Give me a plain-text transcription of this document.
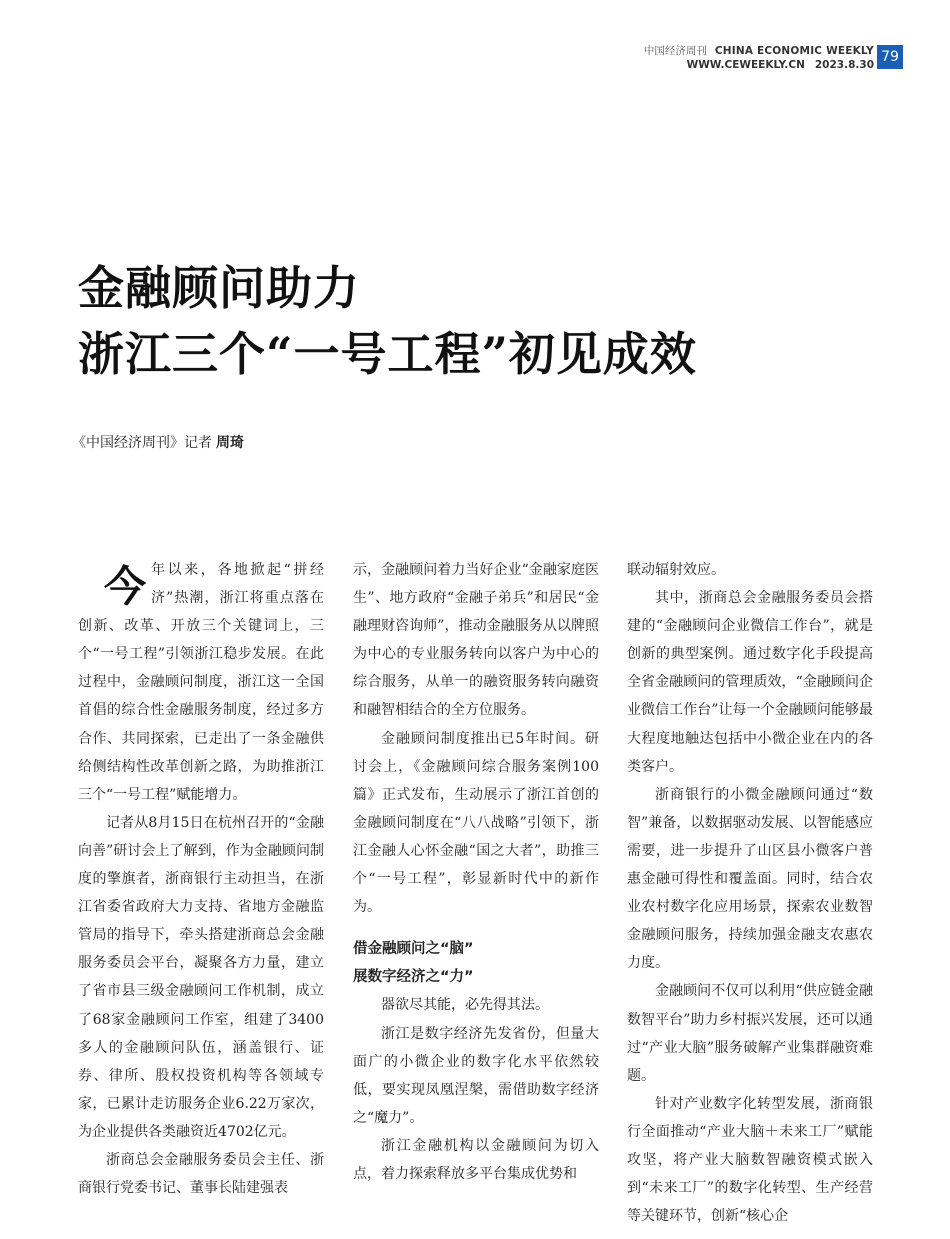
中国经济周刊 CHINA ECONOMIC WEEKLY
WWW.CEWEEKLY.CN 2023.8.30 79
金融顾问助力
浙江三个“一号工程”初见成效
《中国经济周刊》记者 周琦

今年以来，各地掀起“拼经济”热潮，浙江将重点落在创新、改革、开放三个关键词上，三个“一号工程”引领浙江稳步发展。在此过程中，金融顾问制度，浙江这一全国首倡的综合性金融服务制度，经过多方合作、共同探索，已走出了一条金融供给侧结构性改革创新之路，为助推浙江三个“一号工程”赋能增力。

记者从8月15日在杭州召开的“金融向善”研讨会上了解到，作为金融顾问制度的擎旗者，浙商银行主动担当，在浙江省委省政府大力支持、省地方金融监管局的指导下，牵头搭建浙商总会金融服务委员会平台，凝聚各方力量，建立了省市县三级金融顾问工作机制，成立了68家金融顾问工作室，组建了3400多人的金融顾问队伍，涵盖银行、证券、律所、股权投资机构等各领域专家，已累计走访服务企业6.22万家次，为企业提供各类融资近4702亿元。

浙商总会金融服务委员会主任、浙商银行党委书记、董事长陆建强表

示，金融顾问着力当好企业“金融家庭医生”、地方政府“金融子弟兵”和居民“金融理财咨询师”，推动金融服务从以牌照为中心的专业服务转向以客户为中心的综合服务，从单一的融资服务转向融资和融智相结合的全方位服务。

金融顾问制度推出已5年时间。研讨会上，《金融顾问综合服务案例100篇》正式发布，生动展示了浙江首创的金融顾问制度在“八八战略”引领下，浙江金融人心怀金融“国之大者”，助推三个“一号工程”，彰显新时代中的新作为。

借金融顾问之“脑”
展数字经济之“力”

器欲尽其能，必先得其法。

浙江是数字经济先发省份，但量大面广的小微企业的数字化水平依然较低，要实现凤凰涅槃，需借助数字经济之“魔力”。

浙江金融机构以金融顾问为切入点，着力探索释放多平台集成优势和

联动辐射效应。

其中，浙商总会金融服务委员会搭建的“金融顾问企业微信工作台”，就是创新的典型案例。通过数字化手段提高全省金融顾问的管理质效，“金融顾问企业微信工作台”让每一个金融顾问能够最大程度地触达包括中小微企业在内的各类客户。

浙商银行的小微金融顾问通过“数智”兼备，以数据驱动发展、以智能感应需要，进一步提升了山区县小微客户普惠金融可得性和覆盖面。同时，结合农业农村数字化应用场景，探索农业数智金融顾问服务，持续加强金融支农惠农力度。

金融顾问不仅可以利用“供应链金融数智平台”助力乡村振兴发展，还可以通过“产业大脑”服务破解产业集群融资难题。

针对产业数字化转型发展，浙商银行全面推动“产业大脑＋未来工厂”赋能攻坚，将产业大脑数智融资模式嵌入到“未来工厂”的数字化转型、生产经营等关键环节，创新“核心企
